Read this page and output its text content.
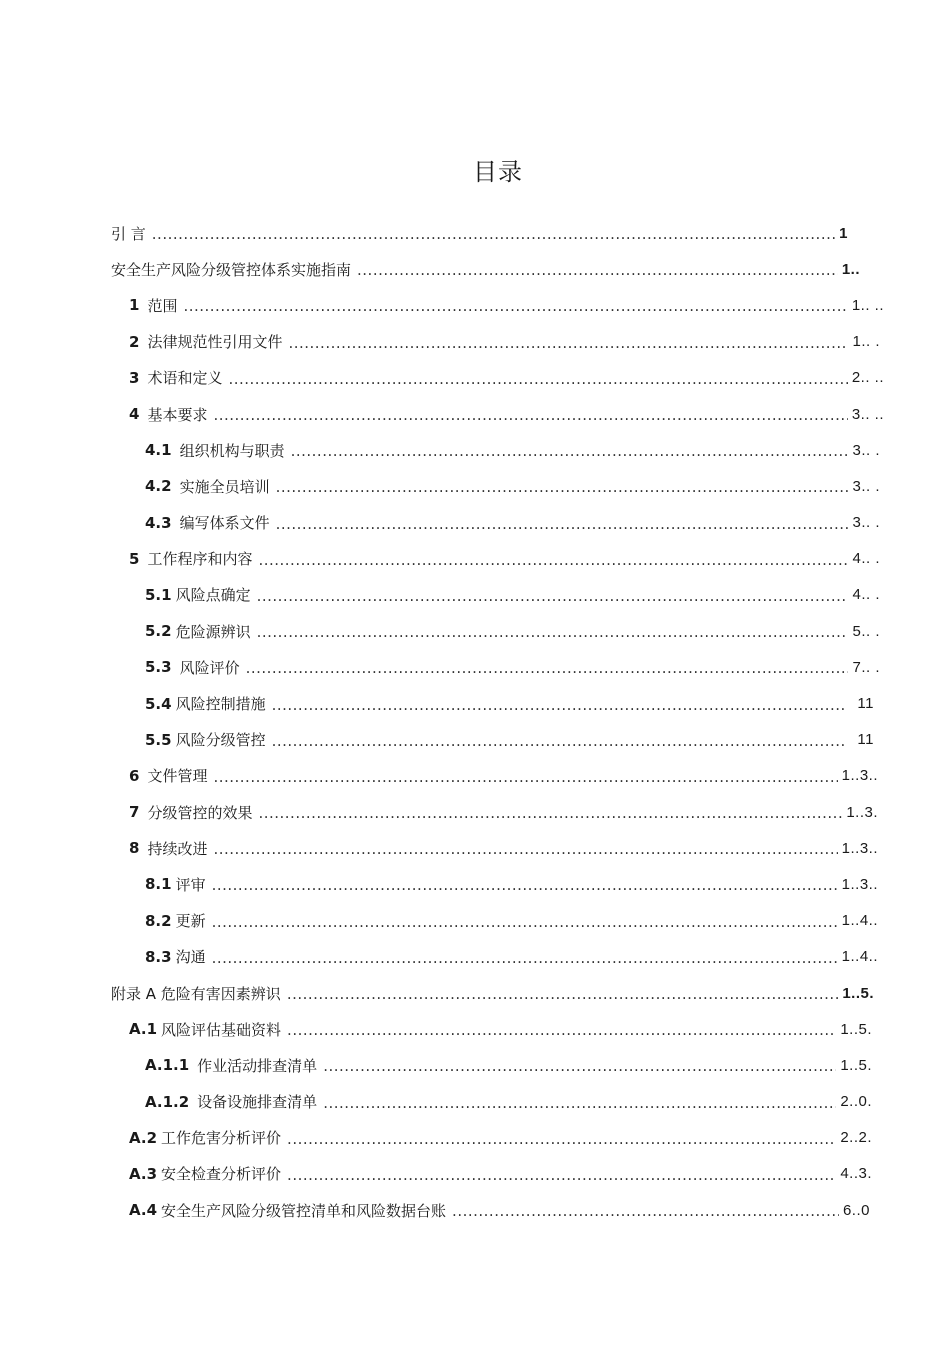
目录
引 言 .....	1
安全生产风险分级管控体系实施指南 .....	1..
1 范围 .....	1.. ..
2 法律规范性引用文件 .....	1.. .
3 术语和定义 .....	2.. ..
4 基本要求 .....	3.. ..
4.1 组织机构与职责 .....	3.. .
4.2 实施全员培训 .....	3.. .
4.3 编写体系文件 .....	3.. .
5 工作程序和内容 .....	4.. .
5.1 风险点确定 .....	4.. .
5.2 危险源辨识 .....	5.. .
5.3 风险评价 .....	7.. .
5.4 风险控制措施 .....	11
5.5 风险分级管控 .....	11
6 文件管理 .....	1..3..
7 分级管控的效果 .....	1..3.
8 持续改进 .....	1..3..
8.1 评审 .....	1..3..
8.2 更新 .....	1..4..
8.3 沟通 .....	1..4..
附录 A 危险有害因素辨识 .....	1..5.
A.1 风险评估基础资料 .....	1..5.
A.1.1 作业活动排查清单 .....	1..5.
A.1.2 设备设施排查清单 .....	2..0.
A.2 工作危害分析评价 .....	2..2.
A.3 安全检查分析评价 .....	4..3.
A.4 安全生产风险分级管控清单和风险数据台账 .....	6..0
